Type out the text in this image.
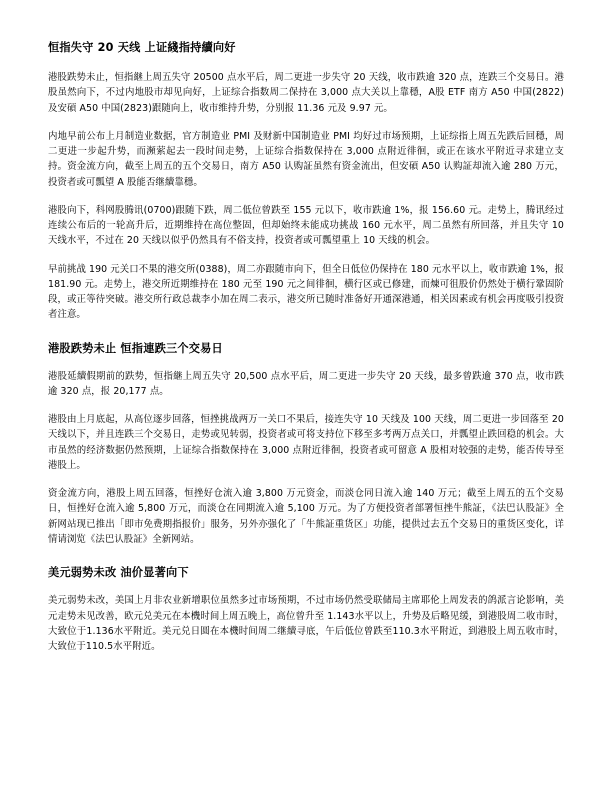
恒指失守 20 天线 上证綫指持續向好

港股跌势未止，恒指継上周五失守 20500 点水平后，周二更进一步失守 20 天线，收市跌逾 320 点，连跌三个交易日。港股虽然向下，不过内地股市却见向好，上证综合指数周二保持在 3,000 点大关以上靠穩，A股 ETF 南方 A50 中国(2822)及安碩 A50 中国(2823)跟随向上，收市维持升势，分别报 11.36 元及 9.97 元。

内地早前公布上月制造业数据，官方制造业 PMI 及财新中国制造业 PMI 均好过市场预期，上证综指上周五先跌后回穩，周二更进一步起升势，而瀕萦起去一段时间走勢，上证综合指数保持在 3,000 点附近徘徊，或正在该水平附近寻求建立支持。资金流方向，截至上周五的五个交易日，南方 A50 认购証虽然有资金流出，但安碩 A50 认购証却流入逾 280 万元，投资者或可瓢望 A 股能否继續靠穩。

港股向下，科网股腾讯(0700)跟随下跌，周二低位曾跌至 155 元以下，收市跌逾 1%，报 156.60 元。走势上，腾讯经过连续公布后的一轮高升后，近期维持在高位整固，但却始终未能成功挑战 160 元水平，周二虽然有所回落，并且失守 10 天线水平，不过在 20 天线以似乎仍然具有不俗支持，投资者或可瓢望重上 10 天线的机会。

早前挑战 190 元关口不果的港交所(0388)，周二亦跟随市向下，但全日低位仍保持在 180 元水平以上，收市跌逾 1%，报 181.90 元。走势上，港交所近期维持在 180 元至 190 元之间徘徊，横行区或已修建，而煉可徂股价仍然处于横行鞏固阶段，或正等待突破。港交所行政总裁李小加在周二表示，港交所已随时准备好开通深港通，相关因素或有机会再度吸引投资者注意。

港股跌势未止 恒指連跌三个交易日

港股延續假期前的跌势，恒指継上周五失守 20,500 点水平后，周二更进一步失守 20 天线，最多曾跌逾 370 点，收市跌逾 320 点，报 20,177 点。

港股由上月底起，从高位逐步回落，恒挫挑战两万一关口不果后，接连失守 10 天线及 100 天线，周二更进一步回落至 20 天线以下，并且连跌三个交易日，走势或见转弱，投资者或可将支持位下移至多考两万点关口，并瓢望止跌回稳的机会。大市虽然的经济数据仍然预期，上证综合指数保持在 3,000 点附近徘徊，投资者或可留意 A 股相对较强的走势，能否传导至港股上。

资金流方向，港股上周五回落，恒挫好仓流入逾 3,800 万元资金，而淡仓同日流入逾 140 万元；截至上周五的五个交易日，恒挫好仓流入逾 5,800 万元，而淡仓在同期流入逾 5,100 万元。为了方便投资者部署恒挫牛熊証，《法巴认股証》全新网站现已推出「即市免费期指报价」服务，另外亦强化了「牛熊証重货区」功能，提供过去五个交易日的重货区变化，详情请浏览《法巴认股証》全新网站。

美元弱势未改 油价显著向下

美元弱势未改，美国上月非农业新增职位虽然多过市场预期，不过市场仍然受联储局主席耶伦上周发表的鸽派言论影响，美元走势未见改善，欧元兑美元在本機时间上周五晚上，高位曾升至 1.143水平以上，升势及后略见缓，到港股周二收市时，大致位于1.136水平附近。美元兑日圆在本機时间周二继續寻底，午后低位曾跌至110.3水平附近，到港股上周五收市时，大致位于110.5水平附近。
